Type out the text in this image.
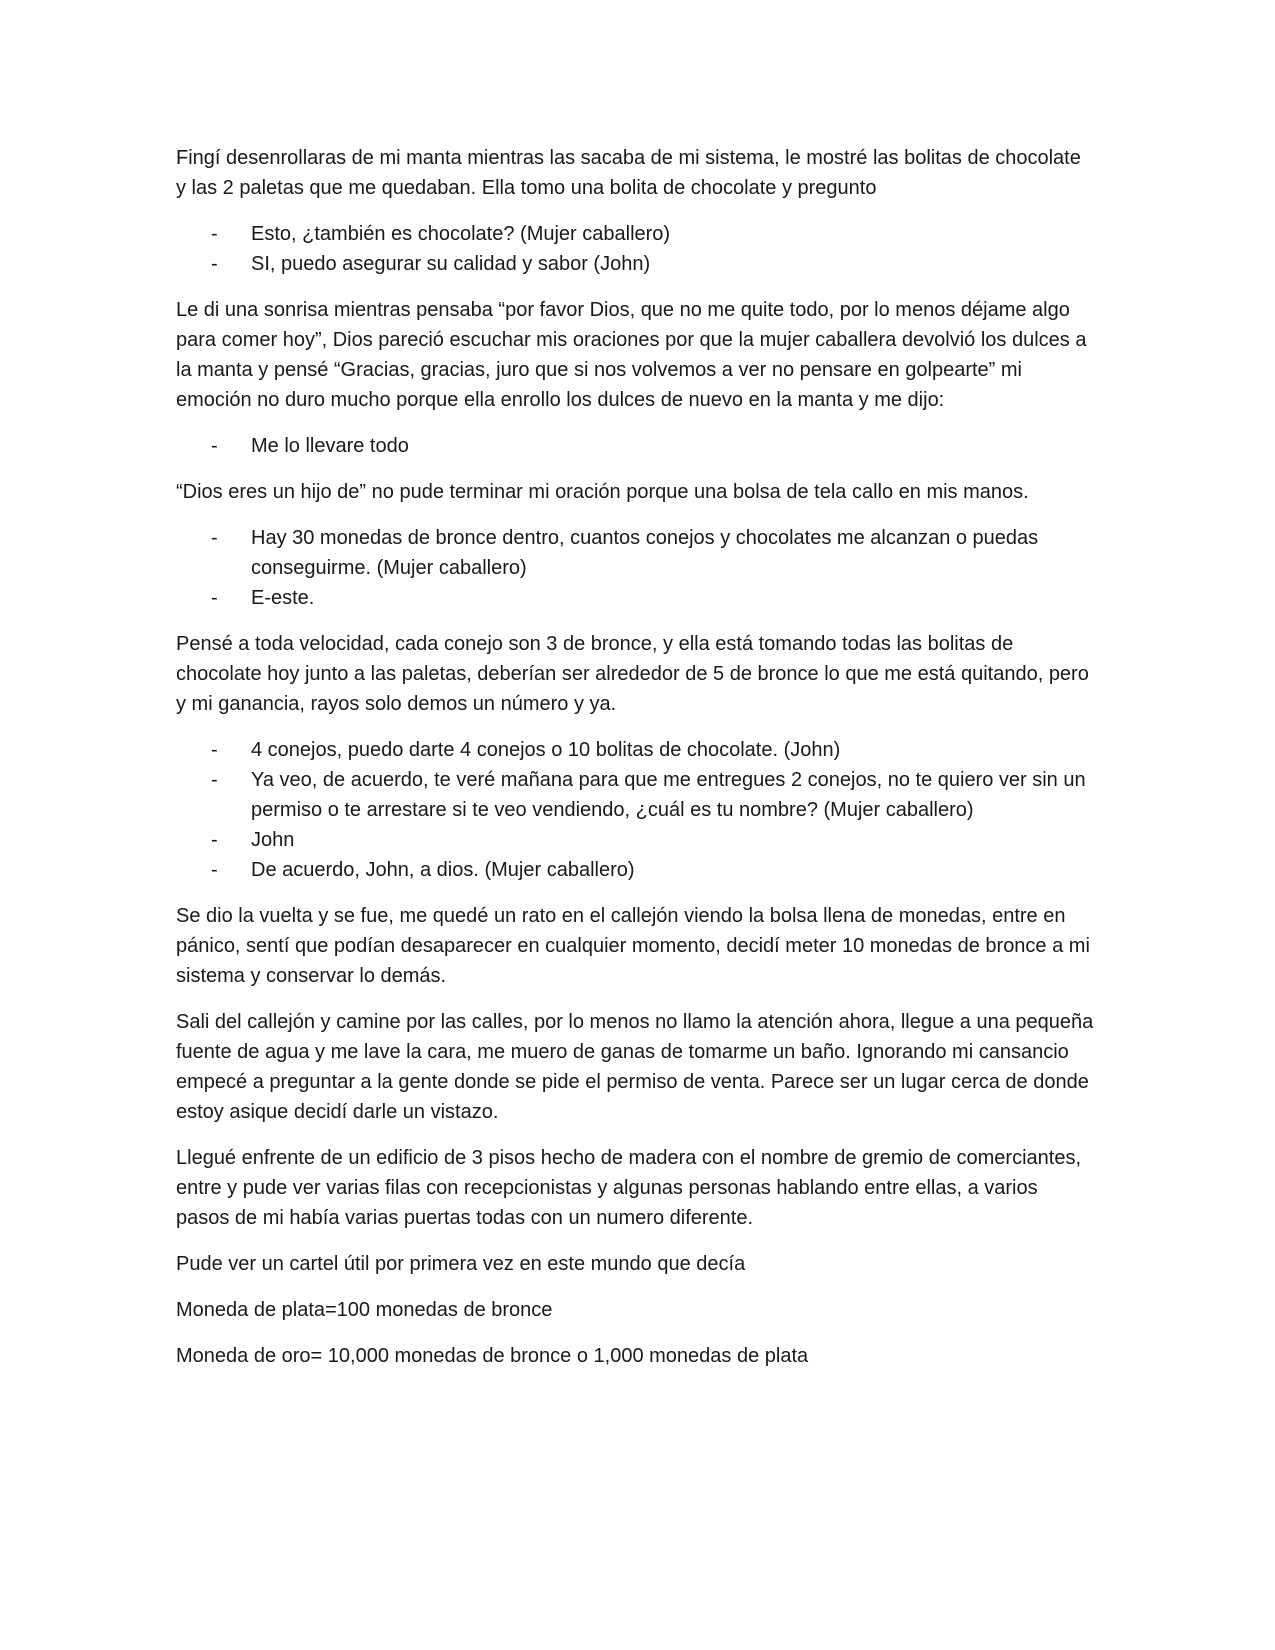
Fingí desenrollaras de mi manta mientras las sacaba de mi sistema, le mostré las bolitas de chocolate y las 2 paletas que me quedaban. Ella tomo una bolita de chocolate y pregunto

- Esto, ¿también es chocolate? (Mujer caballero)
- SI, puedo asegurar su calidad y sabor (John)

Le di una sonrisa mientras pensaba “por favor Dios, que no me quite todo, por lo menos déjame algo para comer hoy”, Dios pareció escuchar mis oraciones por que la mujer caballera devolvió los dulces a la manta y pensé “Gracias, gracias, juro que si nos volvemos a ver no pensare en golpearte” mi emoción no duro mucho porque ella enrollo los dulces de nuevo en la manta y me dijo:

- Me lo llevare todo

“Dios eres un hijo de” no pude terminar mi oración porque una bolsa de tela callo en mis manos.

- Hay 30 monedas de bronce dentro, cuantos conejos y chocolates me alcanzan o puedas conseguirme. (Mujer caballero)
- E-este.

Pensé a toda velocidad, cada conejo son 3 de bronce, y ella está tomando todas las bolitas de chocolate hoy junto a las paletas, deberían ser alrededor de 5 de bronce lo que me está quitando, pero y mi ganancia, rayos solo demos un número y ya.

- 4 conejos, puedo darte 4 conejos o 10 bolitas de chocolate. (John)
- Ya veo, de acuerdo, te veré mañana para que me entregues 2 conejos, no te quiero ver sin un permiso o te arrestare si te veo vendiendo, ¿cuál es tu nombre? (Mujer caballero)
- John
- De acuerdo, John, a dios. (Mujer caballero)

Se dio la vuelta y se fue, me quedé un rato en el callejón viendo la bolsa llena de monedas, entre en pánico, sentí que podían desaparecer en cualquier momento, decidí meter 10 monedas de bronce a mi sistema y conservar lo demás.

Sali del callejón y camine por las calles, por lo menos no llamo la atención ahora, llegue a una pequeña fuente de agua y me lave la cara, me muero de ganas de tomarme un baño. Ignorando mi cansancio empecé a preguntar a la gente donde se pide el permiso de venta. Parece ser un lugar cerca de donde estoy asique decidí darle un vistazo.

Llegué enfrente de un edificio de 3 pisos hecho de madera con el nombre de gremio de comerciantes, entre y pude ver varias filas con recepcionistas y algunas personas hablando entre ellas, a varios pasos de mi había varias puertas todas con un numero diferente.

Pude ver un cartel útil por primera vez en este mundo que decía

Moneda de plata=100 monedas de bronce

Moneda de oro= 10,000 monedas de bronce o 1,000 monedas de plata
